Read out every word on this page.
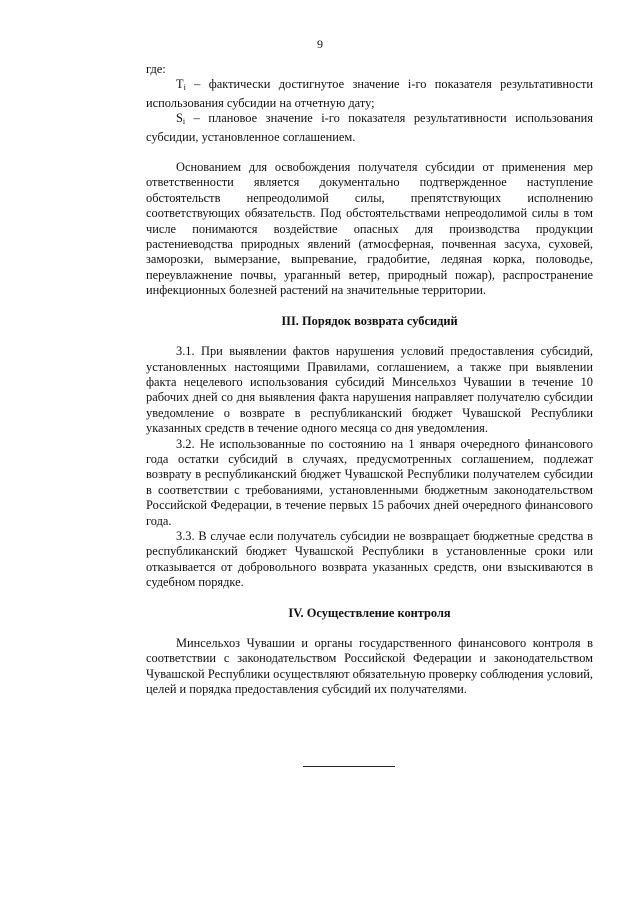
9

где:

$T_i$ – фактически достигнутое значение i-го показателя результативности использования субсидии на отчетную дату;

$S_i$ – плановое значение i-го показателя результативности использования субсидии, установленное соглашением.

Основанием для освобождения получателя субсидии от применения мер ответственности является документально подтвержденное наступление обстоятельств непреодолимой силы, препятствующих исполнению соответствующих обязательств. Под обстоятельствами непреодолимой силы в том числе понимаются воздействие опасных для производства продукции растениеводства природных явлений (атмосферная, почвенная засуха, суховей, заморозки, вымерзание, выпревание, градобитие, ледяная корка, половодье, переувлажнение почвы, ураганный ветер, природный пожар), распространение инфекционных болезней растений на значительные территории.

III. Порядок возврата субсидий

3.1. При выявлении фактов нарушения условий предоставления субсидий, установленных настоящими Правилами, соглашением, а также при выявлении факта нецелевого использования субсидий Минсельхоз Чувашии в течение 10 рабочих дней со дня выявления факта нарушения направляет получателю субсидии уведомление о возврате в республиканский бюджет Чувашской Республики указанных средств в течение одного месяца со дня уведомления.

3.2. Не использованные по состоянию на 1 января очередного финансового года остатки субсидий в случаях, предусмотренных соглашением, подлежат возврату в республиканский бюджет Чувашской Республики получателем субсидии в соответствии с требованиями, установленными бюджетным законодательством Российской Федерации, в течение первых 15 рабочих дней очередного финансового года.

3.3. В случае если получатель субсидии не возвращает бюджетные средства в республиканский бюджет Чувашской Республики в установленные сроки или отказывается от добровольного возврата указанных средств, они взыскиваются в судебном порядке.

IV. Осуществление контроля

Минсельхоз Чувашии и органы государственного финансового контроля в соответствии с законодательством Российской Федерации и законодательством Чувашской Республики осуществляют обязательную проверку соблюдения условий, целей и порядка предоставления субсидий их получателями.
